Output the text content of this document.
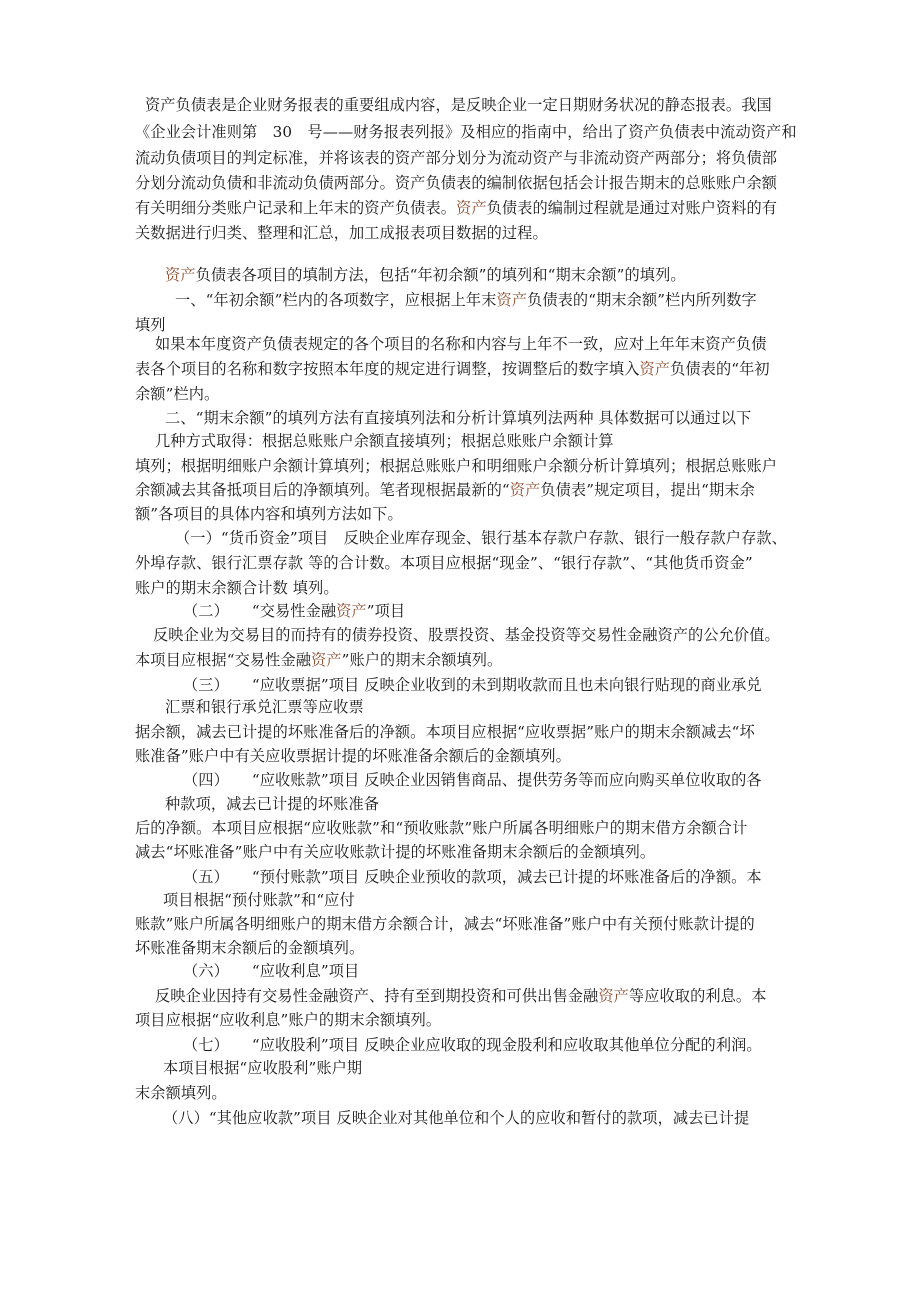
资产负债表是企业财务报表的重要组成内容，是反映企业一定日期财务状况的静态报表。我国
《企业会计准则第　30　号——财务报表列报》及相应的指南中，给出了资产负债表中流动资产和
流动负债项目的判定标准，并将该表的资产部分划分为流动资产与非流动资产两部分；将负债部
分划分流动负债和非流动负债两部分。资产负债表的编制依据包括会计报告期末的总账账户余额
有关明细分类账户记录和上年末的资产负债表。资产负债表的编制过程就是通过对账户资料的有
关数据进行归类、整理和汇总，加工成报表项目数据的过程。
资产负债表各项目的填制方法，包括“年初余额”的填列和“期末余额”的填列。
一、“年初余额”栏内的各项数字，应根据上年末资产负债表的“期末余额”栏内所列数字
填列
如果本年度资产负债表规定的各个项目的名称和内容与上年不一致，应对上年年末资产负债
表各个项目的名称和数字按照本年度的规定进行调整，按调整后的数字填入资产负债表的“年初
余额”栏内。
二、“期末余额”的填列方法有直接填列法和分析计算填列法两种 具体数据可以通过以下
几种方式取得：根据总账账户余额直接填列；根据总账账户余额计算
填列；根据明细账户余额计算填列；根据总账账户和明细账户余额分析计算填列；根据总账账户
余额减去其备抵项目后的净额填列。笔者现根据最新的“资产负债表”规定项目，提出“期末余
额”各项目的具体内容和填列方法如下。
（一）“货币资金”项目　反映企业库存现金、银行基本存款户存款、银行一般存款户存款、
外埠存款、银行汇票存款 等的合计数。本项目应根据“现金”、“银行存款”、“其他货币资金”
账户的期末余额合计数 填列。
（二）　　“交易性金融资产”项目
反映企业为交易目的而持有的债券投资、股票投资、基金投资等交易性金融资产的公允价值。
本项目应根据“交易性金融资产”账户的期末余额填列。
（三）　　“应收票据”项目 反映企业收到的未到期收款而且也未向银行贴现的商业承兑
汇票和银行承兑汇票等应收票
据余额，减去已计提的坏账准备后的净额。本项目应根据“应收票据”账户的期末余额减去“坏
账准备”账户中有关应收票据计提的坏账准备余额后的金额填列。
（四）　　“应收账款”项目 反映企业因销售商品、提供劳务等而应向购买单位收取的各
种款项，减去已计提的坏账准备
后的净额。本项目应根据“应收账款”和“预收账款”账户所属各明细账户的期末借方余额合计
减去“坏账准备”账户中有关应收账款计提的坏账准备期末余额后的金额填列。
（五）　　“预付账款”项目 反映企业预收的款项，减去已计提的坏账准备后的净额。本
项目根据“预付账款”和“应付
账款”账户所属各明细账户的期末借方余额合计，减去“坏账准备”账户中有关预付账款计提的
坏账准备期末余额后的金额填列。
（六）　　“应收利息”项目
反映企业因持有交易性金融资产、持有至到期投资和可供出售金融资产等应收取的利息。本
项目应根据“应收利息”账户的期末余额填列。
（七）　　“应收股利”项目 反映企业应收取的现金股利和应收取其他单位分配的利润。
本项目根据“应收股利”账户期
末余额填列。
（八）“其他应收款”项目 反映企业对其他单位和个人的应收和暂付的款项，减去已计提
